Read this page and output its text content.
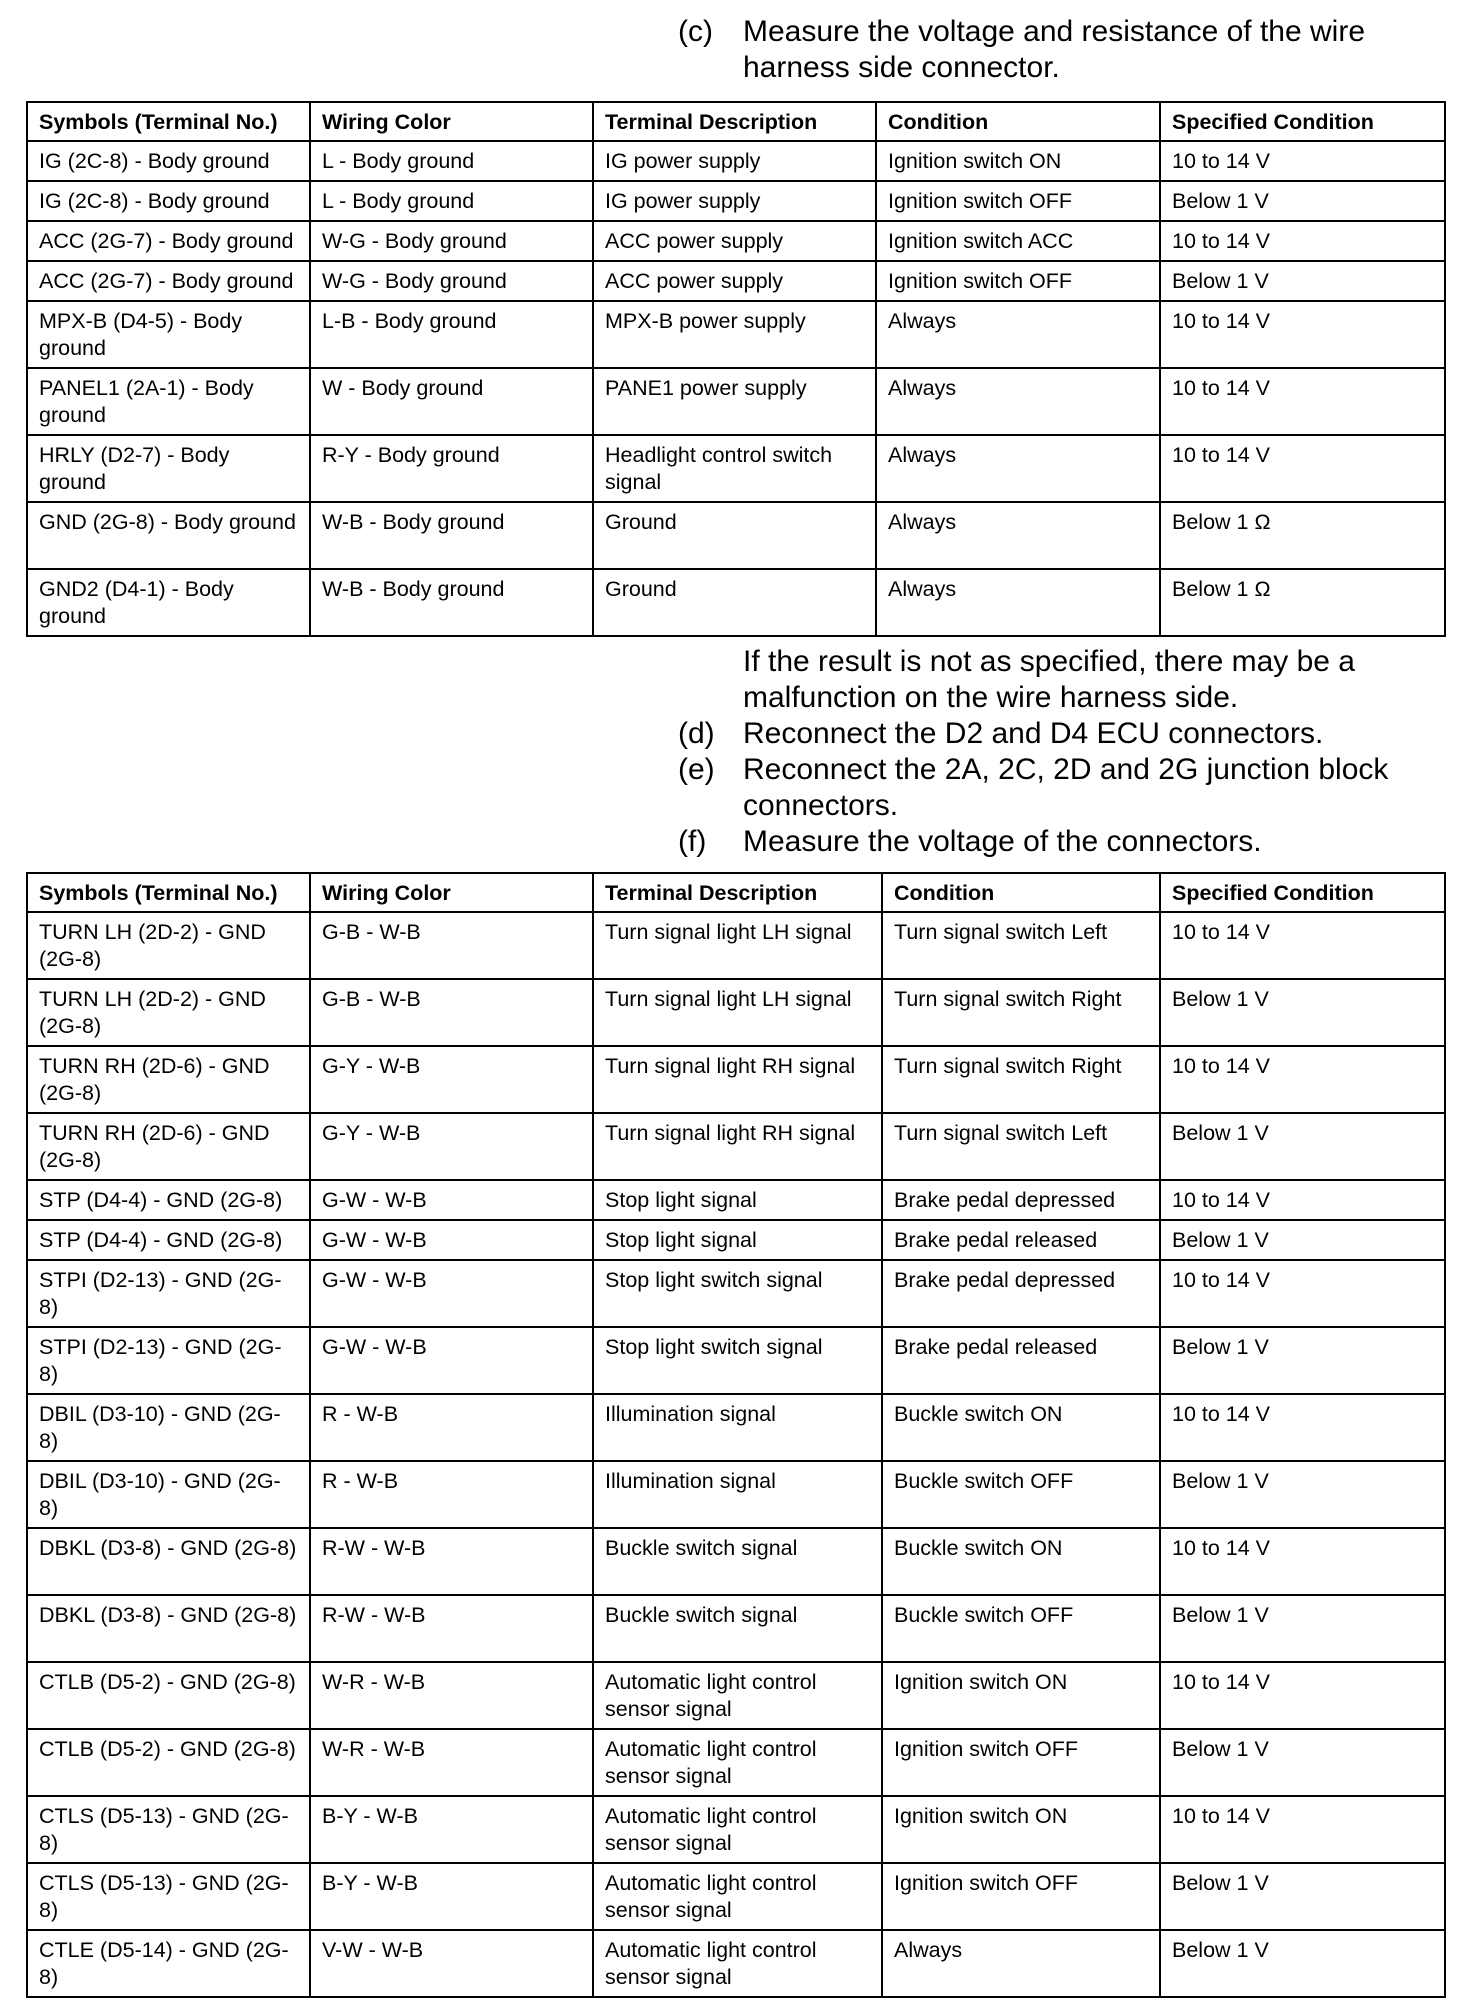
(c) Measure the voltage and resistance of the wire harness side connector.
Symbols (Terminal No.)	Wiring Color	Terminal Description	Condition	Specified Condition
IG (2C-8) - Body ground	L - Body ground	IG power supply	Ignition switch ON	10 to 14 V
IG (2C-8) - Body ground	L - Body ground	IG power supply	Ignition switch OFF	Below 1 V
ACC (2G-7) - Body ground	W-G - Body ground	ACC power supply	Ignition switch ACC	10 to 14 V
ACC (2G-7) - Body ground	W-G - Body ground	ACC power supply	Ignition switch OFF	Below 1 V
MPX-B (D4-5) - Body ground	L-B - Body ground	MPX-B power supply	Always	10 to 14 V
PANEL1 (2A-1) - Body ground	W - Body ground	PANE1 power supply	Always	10 to 14 V
HRLY (D2-7) - Body ground	R-Y - Body ground	Headlight control switch signal	Always	10 to 14 V
GND (2G-8) - Body ground	W-B - Body ground	Ground	Always	Below 1 Ω
GND2 (D4-1) - Body ground	W-B - Body ground	Ground	Always	Below 1 Ω
If the result is not as specified, there may be a malfunction on the wire harness side.
(d) Reconnect the D2 and D4 ECU connectors.
(e) Reconnect the 2A, 2C, 2D and 2G junction block connectors.
(f) Measure the voltage of the connectors.
Symbols (Terminal No.)	Wiring Color	Terminal Description	Condition	Specified Condition
TURN LH (2D-2) - GND (2G-8)	G-B - W-B	Turn signal light LH signal	Turn signal switch Left	10 to 14 V
TURN LH (2D-2) - GND (2G-8)	G-B - W-B	Turn signal light LH signal	Turn signal switch Right	Below 1 V
TURN RH (2D-6) - GND (2G-8)	G-Y - W-B	Turn signal light RH signal	Turn signal switch Right	10 to 14 V
TURN RH (2D-6) - GND (2G-8)	G-Y - W-B	Turn signal light RH signal	Turn signal switch Left	Below 1 V
STP (D4-4) - GND (2G-8)	G-W - W-B	Stop light signal	Brake pedal depressed	10 to 14 V
STP (D4-4) - GND (2G-8)	G-W - W-B	Stop light signal	Brake pedal released	Below 1 V
STPI (D2-13) - GND (2G-8)	G-W - W-B	Stop light switch signal	Brake pedal depressed	10 to 14 V
STPI (D2-13) - GND (2G-8)	G-W - W-B	Stop light switch signal	Brake pedal released	Below 1 V
DBIL (D3-10) - GND (2G-8)	R - W-B	Illumination signal	Buckle switch ON	10 to 14 V
DBIL (D3-10) - GND (2G-8)	R - W-B	Illumination signal	Buckle switch OFF	Below 1 V
DBKL (D3-8) - GND (2G-8)	R-W - W-B	Buckle switch signal	Buckle switch ON	10 to 14 V
DBKL (D3-8) - GND (2G-8)	R-W - W-B	Buckle switch signal	Buckle switch OFF	Below 1 V
CTLB (D5-2) - GND (2G-8)	W-R - W-B	Automatic light control sensor signal	Ignition switch ON	10 to 14 V
CTLB (D5-2) - GND (2G-8)	W-R - W-B	Automatic light control sensor signal	Ignition switch OFF	Below 1 V
CTLS (D5-13) - GND (2G-8)	B-Y - W-B	Automatic light control sensor signal	Ignition switch ON	10 to 14 V
CTLS (D5-13) - GND (2G-8)	B-Y - W-B	Automatic light control sensor signal	Ignition switch OFF	Below 1 V
CTLE (D5-14) - GND (2G-8)	V-W - W-B	Automatic light control sensor signal	Always	Below 1 V
